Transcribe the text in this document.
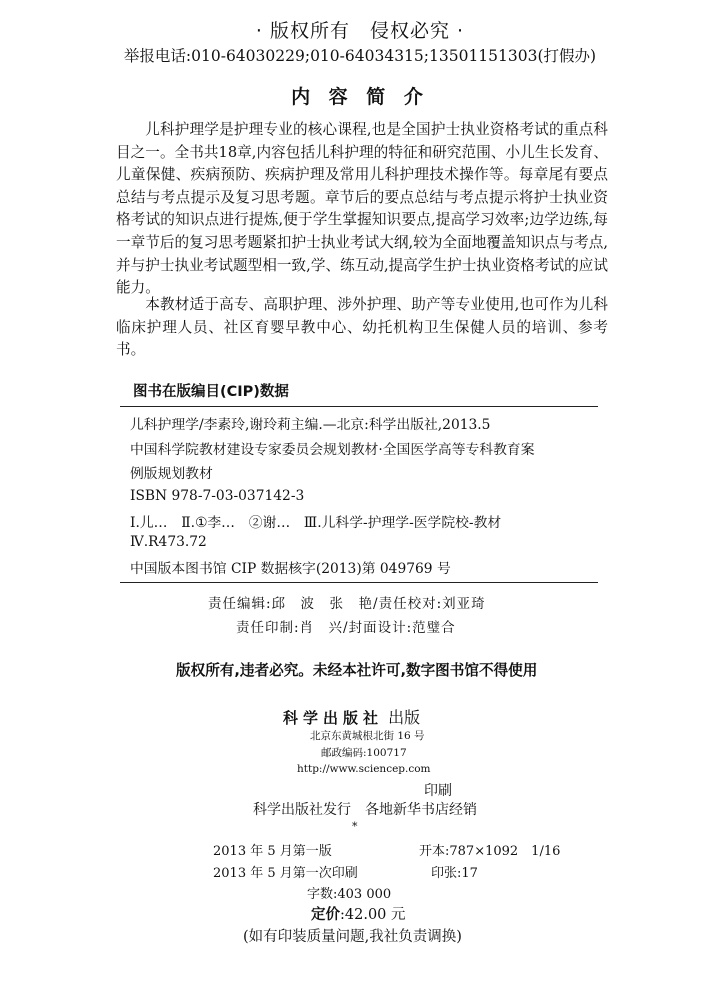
· 版权所有　侵权必究 ·
举报电话:010-64030229;010-64034315;13501151303(打假办)
内 容 简 介
儿科护理学是护理专业的核心课程,也是全国护士执业资格考试的重点科目之一。全书共18章,内容包括儿科护理的特征和研究范围、小儿生长发育、儿童保健、疾病预防、疾病护理及常用儿科护理技术操作等。每章尾有要点总结与考点提示及复习思考题。章节后的要点总结与考点提示将护士执业资格考试的知识点进行提炼,便于学生掌握知识要点,提高学习效率;边学边练,每一章节后的复习思考题紧扣护士执业考试大纲,较为全面地覆盖知识点与考点,并与护士执业考试题型相一致,学、练互动,提高学生护士执业资格考试的应试能力。
本教材适于高专、高职护理、涉外护理、助产等专业使用,也可作为儿科临床护理人员、社区育婴早教中心、幼托机构卫生保健人员的培训、参考书。
图书在版编目(CIP)数据
儿科护理学/李素玲,谢玲莉主编.—北京:科学出版社,2013.5
中国科学院教材建设专家委员会规划教材·全国医学高等专科教育案
例版规划教材
ISBN 978-7-03-037142-3
Ⅰ.儿…　Ⅱ.①李…　②谢…　Ⅲ.儿科学-护理学-医学院校-教材
Ⅳ.R473.72
中国版本图书馆 CIP 数据核字(2013)第 049769 号
责任编辑:邱　波　张　艳/责任校对:刘亚琦
责任印制:肖　兴/封面设计:范璧合
版权所有,违者必究。未经本社许可,数字图书馆不得使用
科学出版社 出版
北京东黄城根北街 16 号
邮政编码:100717
http://www.sciencep.com
印刷
科学出版社发行　各地新华书店经销
*
2013 年 5 月第一版	开本:787×1092　1/16
2013 年 5 月第一次印刷	印张:17
字数:403 000
定价:42.00 元
(如有印装质量问题,我社负责调换)
